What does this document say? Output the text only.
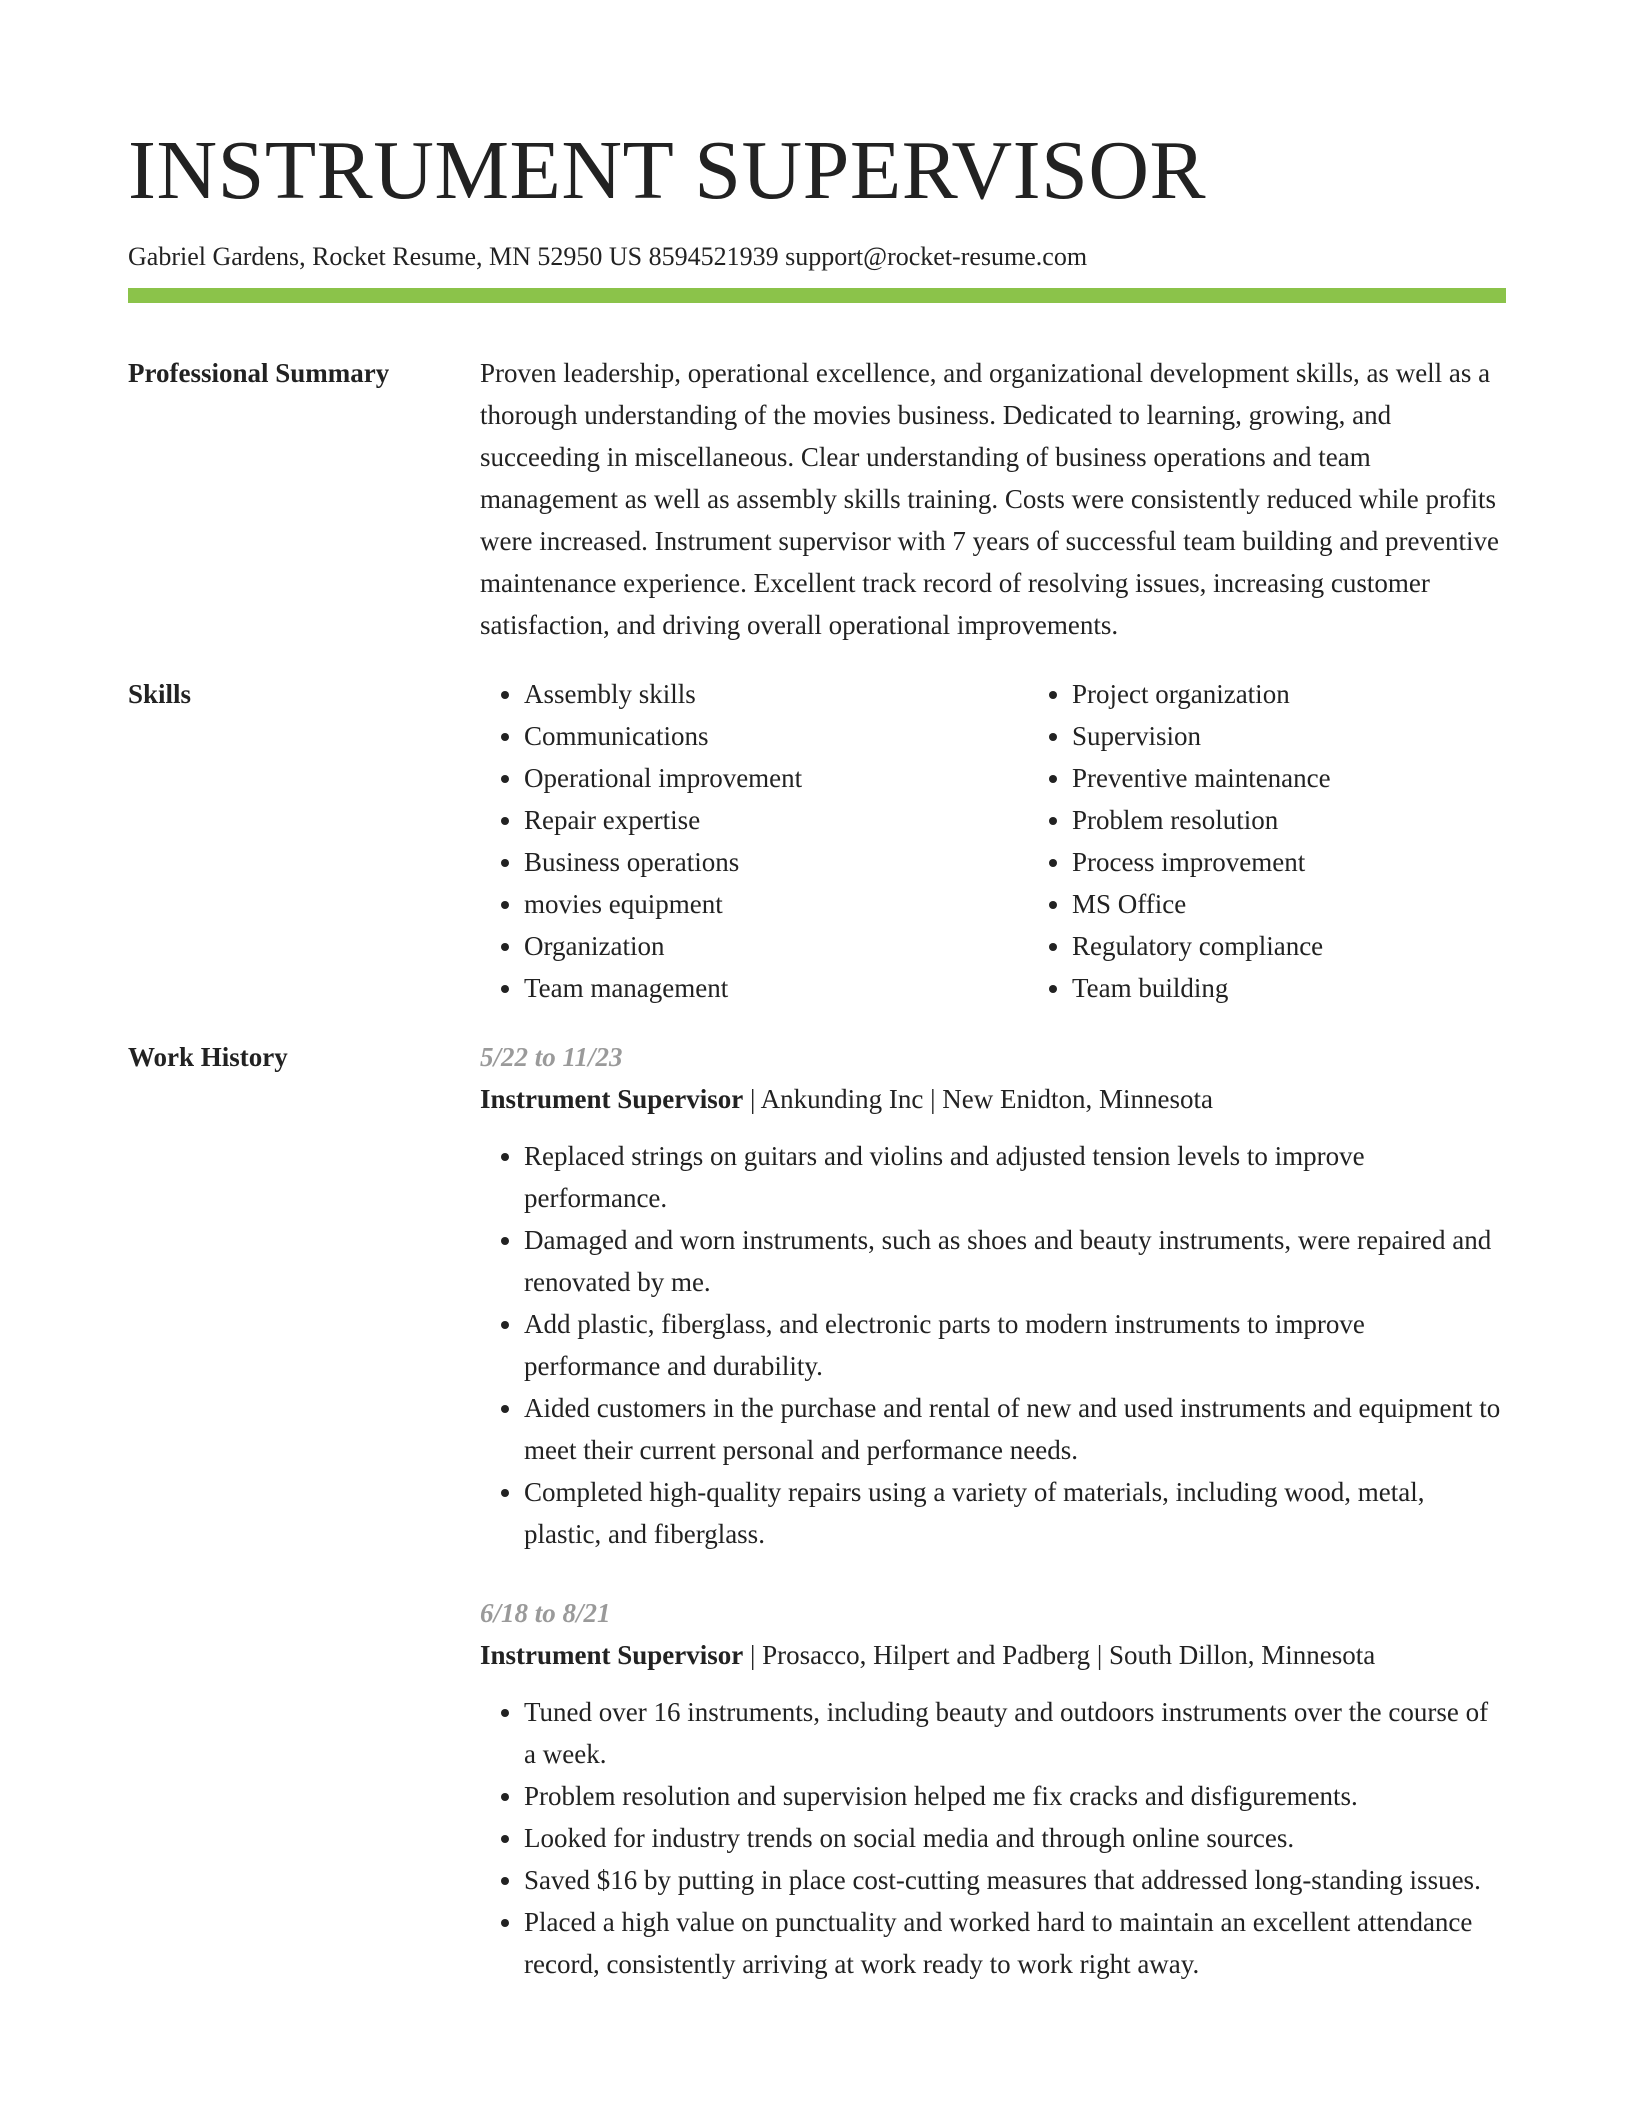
INSTRUMENT SUPERVISOR
Gabriel Gardens, Rocket Resume, MN 52950 US 8594521939 support@rocket-resume.com
Professional Summary	Proven leadership, operational excellence, and organizational development skills, as well as a thorough understanding of the movies business. Dedicated to learning, growing, and succeeding in miscellaneous. Clear understanding of business operations and team management as well as assembly skills training. Costs were consistently reduced while profits were increased. Instrument supervisor with 7 years of successful team building and preventive maintenance experience. Excellent track record of resolving issues, increasing customer satisfaction, and driving overall operational improvements.
Skills
•	Assembly skills
• Communications
• Operational improvement
• Repair expertise
• Business operations
• movies equipment
• Organization
• Team management
• Project organization
• Supervision
• Preventive maintenance
• Problem resolution
• Process improvement
• MS Office
• Regulatory compliance
• Team building
Work History	5/22 to 11/23
Instrument Supervisor | Ankunding Inc | New Enidton, Minnesota
• Replaced strings on guitars and violins and adjusted tension levels to improve performance.
• Damaged and worn instruments, such as shoes and beauty instruments, were repaired and renovated by me.
• Add plastic, fiberglass, and electronic parts to modern instruments to improve performance and durability.
• Aided customers in the purchase and rental of new and used instruments and equipment to meet their current personal and performance needs.
• Completed high-quality repairs using a variety of materials, including wood, metal, plastic, and fiberglass.
6/18 to 8/21
Instrument Supervisor | Prosacco, Hilpert and Padberg | South Dillon, Minnesota
• Tuned over 16 instruments, including beauty and outdoors instruments over the course of a week.
• Problem resolution and supervision helped me fix cracks and disfigurements.
• Looked for industry trends on social media and through online sources.
• Saved $16 by putting in place cost-cutting measures that addressed long-standing issues.
• Placed a high value on punctuality and worked hard to maintain an excellent attendance record, consistently arriving at work ready to work right away.
